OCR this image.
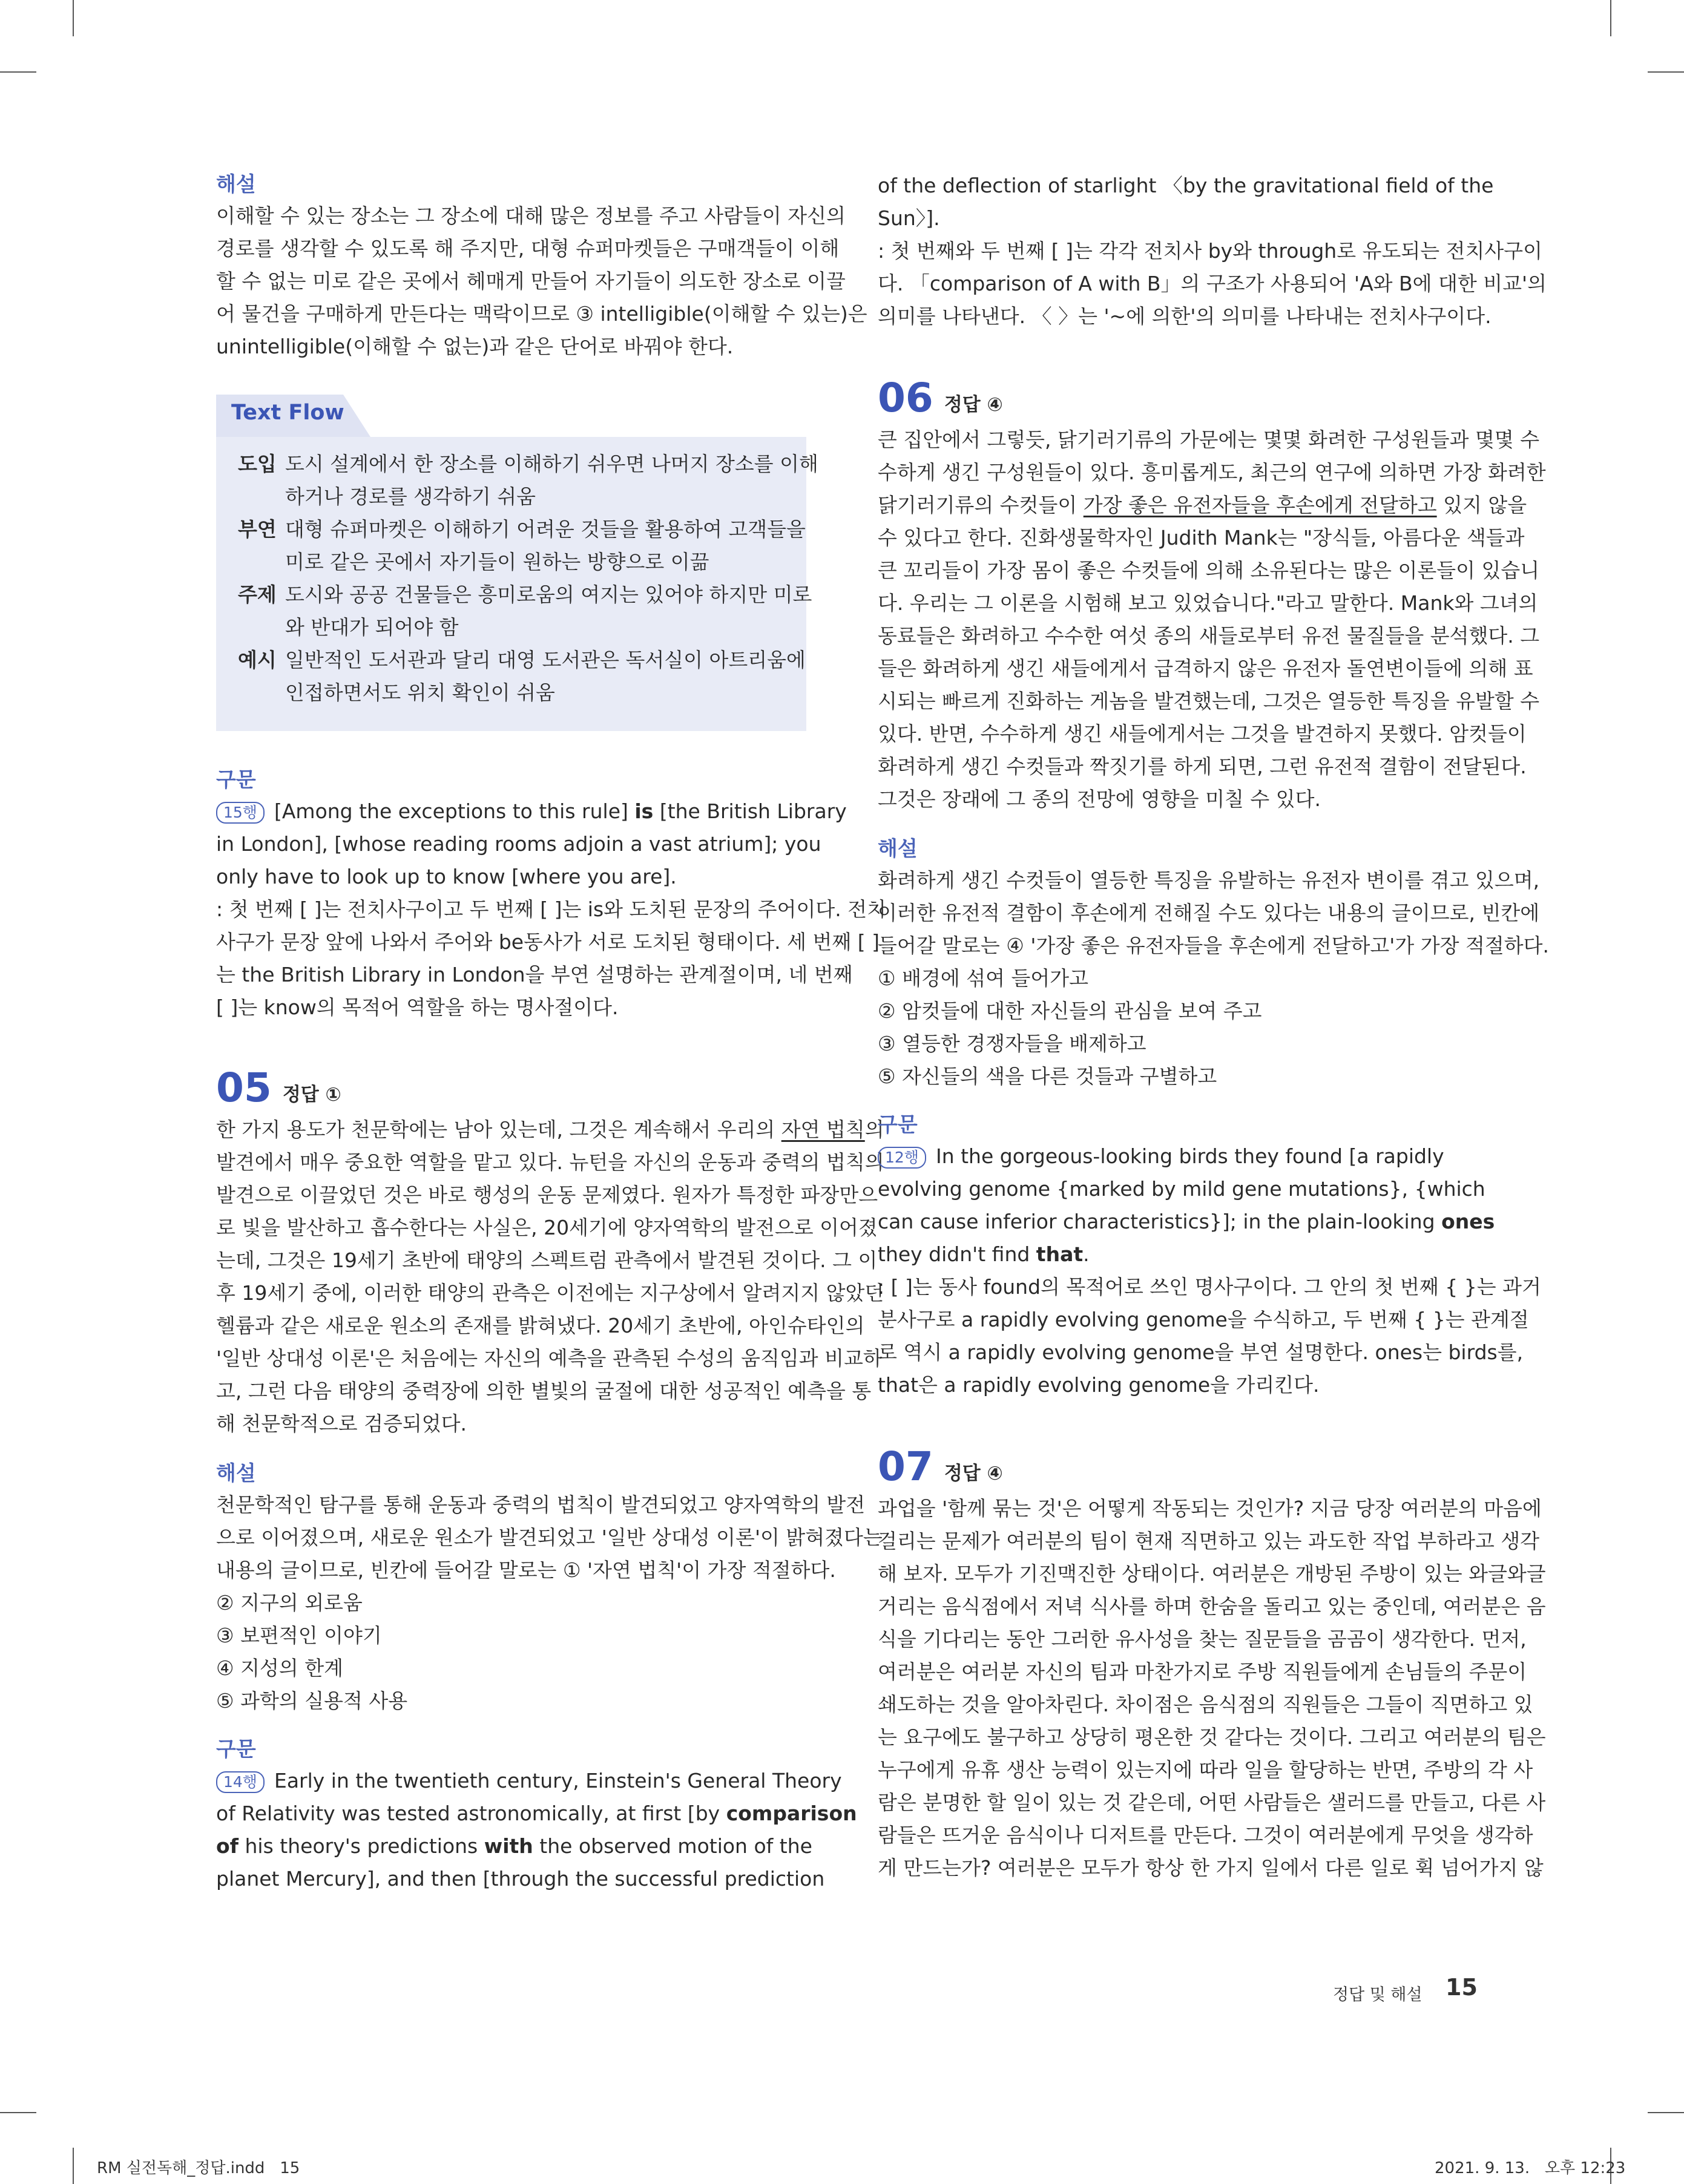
해설

이해할 수 있는 장소는 그 장소에 대해 많은 정보를 주고 사람들이 자신의
경로를 생각할 수 있도록 해 주지만, 대형 슈퍼마켓들은 구매객들이 이해
할 수 없는 미로 같은 곳에서 헤매게 만들어 자기들이 의도한 장소로 이끌
어 물건을 구매하게 만든다는 맥락이므로 ③ intelligible(이해할 수 있는)은
unintelligible(이해할 수 없는)과 같은 단어로 바꿔야 한다.
Text Flow
도입 도시 설계에서 한 장소를 이해하기 쉬우면 나머지 장소를 이해
하거나 경로를 생각하기 쉬움
부연 대형 슈퍼마켓은 이해하기 어려운 것들을 활용하여 고객들을
미로 같은 곳에서 자기들이 원하는 방향으로 이끎
주제 도시와 공공 건물들은 흥미로움의 여지는 있어야 하지만 미로
와 반대가 되어야 함
예시 일반적인 도서관과 달리 대영 도서관은 독서실이 아트리움에
인접하면서도 위치 확인이 쉬움

구문

15행 [Among the exceptions to this rule] is [the British Library
in London], [whose reading rooms adjoin a vast atrium]; you
only have to look up to know [where you are].
: 첫 번째 [ ]는 전치사구이고 두 번째 [ ]는 is와 도치된 문장의 주어이다. 전치
사구가 문장 앞에 나와서 주어와 be동사가 서로 도치된 형태이다. 세 번째 [ ]
는 the British Library in London을 부연 설명하는 관계절이며, 네 번째
[ ]는 know의 목적어 역할을 하는 명사절이다.
05 정답 ①
한 가지 용도가 천문학에는 남아 있는데, 그것은 계속해서 우리의 자연 법칙의
발견에서 매우 중요한 역할을 맡고 있다. 뉴턴을 자신의 운동과 중력의 법칙의
발견으로 이끌었던 것은 바로 행성의 운동 문제였다. 원자가 특정한 파장만으
로 빛을 발산하고 흡수한다는 사실은, 20세기에 양자역학의 발전으로 이어졌
는데, 그것은 19세기 초반에 태양의 스펙트럼 관측에서 발견된 것이다. 그 이
후 19세기 중에, 이러한 태양의 관측은 이전에는 지구상에서 알려지지 않았던
헬륨과 같은 새로운 원소의 존재를 밝혀냈다. 20세기 초반에, 아인슈타인의
'일반 상대성 이론'은 처음에는 자신의 예측을 관측된 수성의 움직임과 비교하
고, 그런 다음 태양의 중력장에 의한 별빛의 굴절에 대한 성공적인 예측을 통
해 천문학적으로 검증되었다.

해설

천문학적인 탐구를 통해 운동과 중력의 법칙이 발견되었고 양자역학의 발전
으로 이어졌으며, 새로운 원소가 발견되었고 '일반 상대성 이론'이 밝혀졌다는
내용의 글이므로, 빈칸에 들어갈 말로는 ① '자연 법칙'이 가장 적절하다.
② 지구의 외로움
③ 보편적인 이야기
④ 지성의 한계
⑤ 과학의 실용적 사용

구문

14행 Early in the twentieth century, Einstein's General Theory
of Relativity was tested astronomically, at first [by comparison
of his theory's predictions with the observed motion of the
planet Mercury], and then [through the successful prediction
of the deflection of starlight 〈by the gravitational field of the
Sun〉].
: 첫 번째와 두 번째 [ ]는 각각 전치사 by와 through로 유도되는 전치사구이
다. 「comparison of A with B」의 구조가 사용되어 'A와 B에 대한 비교'의
의미를 나타낸다. 〈 〉는 '~에 의한'의 의미를 나타내는 전치사구이다.
06 정답 ④
큰 집안에서 그렇듯, 닭기러기류의 가문에는 몇몇 화려한 구성원들과 몇몇 수
수하게 생긴 구성원들이 있다. 흥미롭게도, 최근의 연구에 의하면 가장 화려한
닭기러기류의 수컷들이 가장 좋은 유전자들을 후손에게 전달하고 있지 않을
수 있다고 한다. 진화생물학자인 Judith Mank는 "장식들, 아름다운 색들과
큰 꼬리들이 가장 몸이 좋은 수컷들에 의해 소유된다는 많은 이론들이 있습니
다. 우리는 그 이론을 시험해 보고 있었습니다."라고 말한다. Mank와 그녀의
동료들은 화려하고 수수한 여섯 종의 새들로부터 유전 물질들을 분석했다. 그
들은 화려하게 생긴 새들에게서 급격하지 않은 유전자 돌연변이들에 의해 표
시되는 빠르게 진화하는 게놈을 발견했는데, 그것은 열등한 특징을 유발할 수
있다. 반면, 수수하게 생긴 새들에게서는 그것을 발견하지 못했다. 암컷들이
화려하게 생긴 수컷들과 짝짓기를 하게 되면, 그런 유전적 결함이 전달된다.
그것은 장래에 그 종의 전망에 영향을 미칠 수 있다.

해설

화려하게 생긴 수컷들이 열등한 특징을 유발하는 유전자 변이를 겪고 있으며,
이러한 유전적 결함이 후손에게 전해질 수도 있다는 내용의 글이므로, 빈칸에
들어갈 말로는 ④ '가장 좋은 유전자들을 후손에게 전달하고'가 가장 적절하다.
① 배경에 섞여 들어가고
② 암컷들에 대한 자신들의 관심을 보여 주고
③ 열등한 경쟁자들을 배제하고
⑤ 자신들의 색을 다른 것들과 구별하고

구문

12행 In the gorgeous-looking birds they found [a rapidly
evolving genome {marked by mild gene mutations}, {which
can cause inferior characteristics}]; in the plain-looking ones
they didn't find that.
: [ ]는 동사 found의 목적어로 쓰인 명사구이다. 그 안의 첫 번째 { }는 과거
분사구로 a rapidly evolving genome을 수식하고, 두 번째 { }는 관계절
로 역시 a rapidly evolving genome을 부연 설명한다. ones는 birds를,
that은 a rapidly evolving genome을 가리킨다.
07 정답 ④
과업을 '함께 묶는 것'은 어떻게 작동되는 것인가? 지금 당장 여러분의 마음에
걸리는 문제가 여러분의 팀이 현재 직면하고 있는 과도한 작업 부하라고 생각
해 보자. 모두가 기진맥진한 상태이다. 여러분은 개방된 주방이 있는 와글와글
거리는 음식점에서 저녁 식사를 하며 한숨을 돌리고 있는 중인데, 여러분은 음
식을 기다리는 동안 그러한 유사성을 찾는 질문들을 곰곰이 생각한다. 먼저,
여러분은 여러분 자신의 팀과 마찬가지로 주방 직원들에게 손님들의 주문이
쇄도하는 것을 알아차린다. 차이점은 음식점의 직원들은 그들이 직면하고 있
는 요구에도 불구하고 상당히 평온한 것 같다는 것이다. 그리고 여러분의 팀은
누구에게 유휴 생산 능력이 있는지에 따라 일을 할당하는 반면, 주방의 각 사
람은 분명한 할 일이 있는 것 같은데, 어떤 사람들은 샐러드를 만들고, 다른 사
람들은 뜨거운 음식이나 디저트를 만든다. 그것이 여러분에게 무엇을 생각하
게 만드는가? 여러분은 모두가 항상 한 가지 일에서 다른 일로 휙 넘어가지 않
정답 및 해설 15
RM 실전독해_정답.indd   15	2021. 9. 13.   오후 12:23
